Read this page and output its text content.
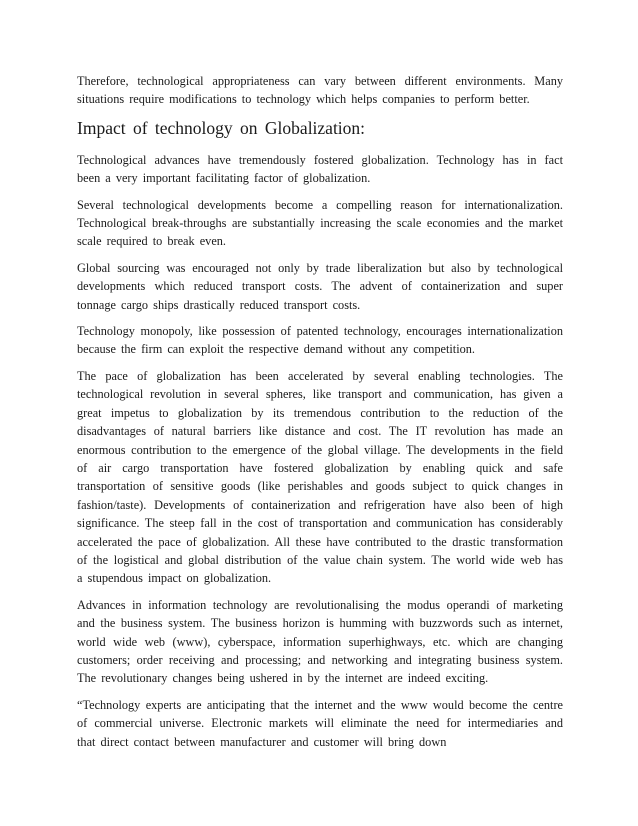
Therefore, technological appropriateness can vary between different environments. Many situations require modifications to technology which helps companies to perform better.

Impact of technology on Globalization:

Technological advances have tremendously fostered globalization. Technology has in fact been a very important facilitating factor of globalization.

Several technological developments become a compelling reason for internationalization. Technological break-throughs are substantially increasing the scale economies and the market scale required to break even.

Global sourcing was encouraged not only by trade liberalization but also by technological developments which reduced transport costs. The advent of containerization and super tonnage cargo ships drastically reduced transport costs.

Technology monopoly, like possession of patented technology, encourages internationalization because the firm can exploit the respective demand without any competition.

The pace of globalization has been accelerated by several enabling technologies. The technological revolution in several spheres, like transport and communication, has given a great impetus to globalization by its tremendous contribution to the reduction of the disadvantages of natural barriers like distance and cost. The IT revolution has made an enormous contribution to the emergence of the global village. The developments in the field of air cargo transportation have fostered globalization by enabling quick and safe transportation of sensitive goods (like perishables and goods subject to quick changes in fashion/taste). Developments of containerization and refrigeration have also been of high significance. The steep fall in the cost of transportation and communication has considerably accelerated the pace of globalization. All these have contributed to the drastic transformation of the logistical and global distribution of the value chain system. The world wide web has a stupendous impact on globalization.

Advances in information technology are revolutionalising the modus operandi of marketing and the business system. The business horizon is humming with buzzwords such as internet, world wide web (www), cyberspace, information superhighways, etc. which are changing customers; order receiving and processing; and networking and integrating business system. The revolutionary changes being ushered in by the internet are indeed exciting.

“Technology experts are anticipating that the internet and the www would become the centre of commercial universe. Electronic markets will eliminate the need for intermediaries and that direct contact between manufacturer and customer will bring down
